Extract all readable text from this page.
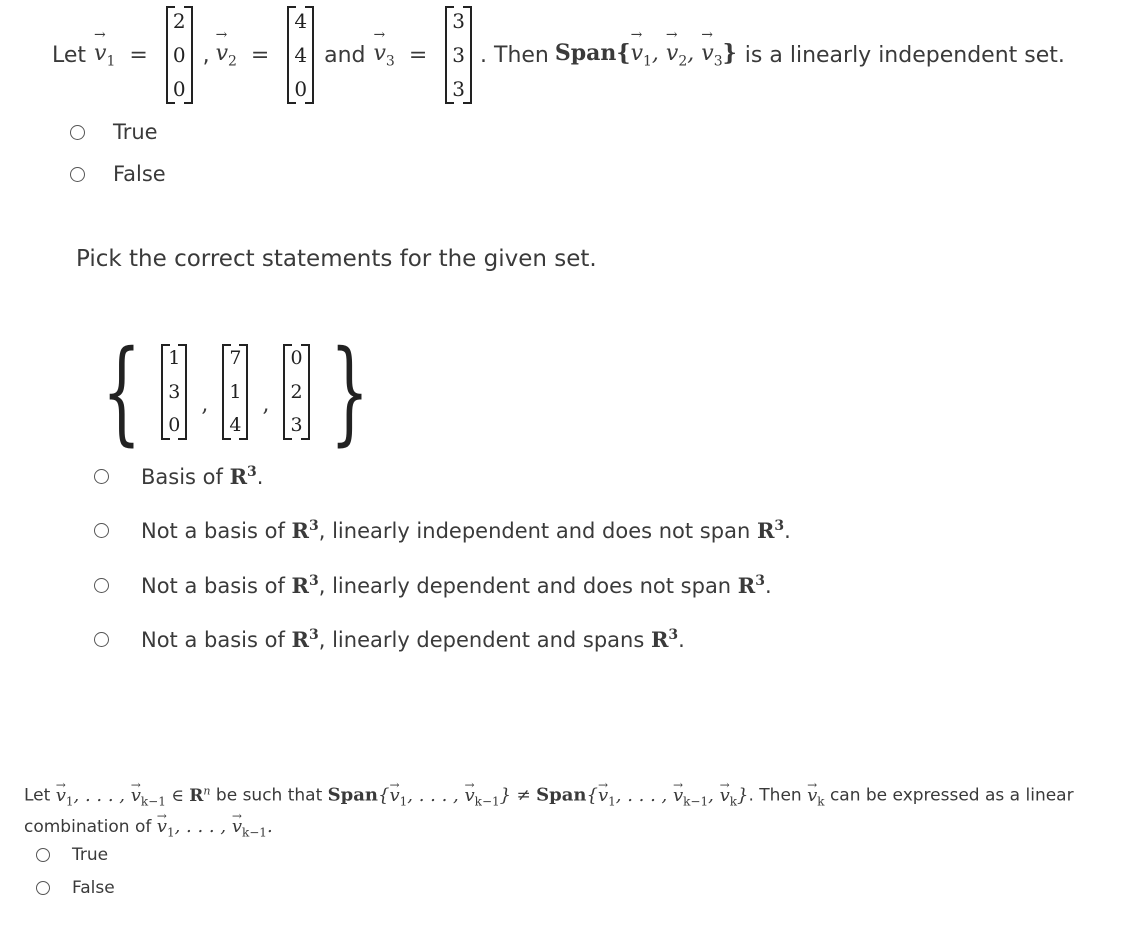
Let → $v_1$ =
2
0
0
, → $v_2$ =
4
4
0
and → $v_3$ =
3
3
3
. Then Span{→ $v_1$, → $v_2$, → $v_3$} is a linearly independent set.
True
False
Pick the correct statements for the given set.
{ 1
3
0
,
7
1
4
,
0
2
3 }
Basis of $R^3$.
Not a basis of $R^3$, linearly independent and does not span $R^3$.
Not a basis of $R^3$, linearly dependent and does not span $R^3$.
Not a basis of $R^3$, linearly dependent and spans $R^3$.
Let → $v_1$, . . . , → $v_{k-1}$ ∈ $R^n$ be such that Span{→ $v_1$, . . . , → $v_{k-1}$} ≠ Span{→ $v_1$, . . . , → $v_{k-1}$, → $v_k$}. Then → $v_k$ can be expressed as a linear
combination of → $v_1$, . . . , → $v_{k-1}$.
True
False
